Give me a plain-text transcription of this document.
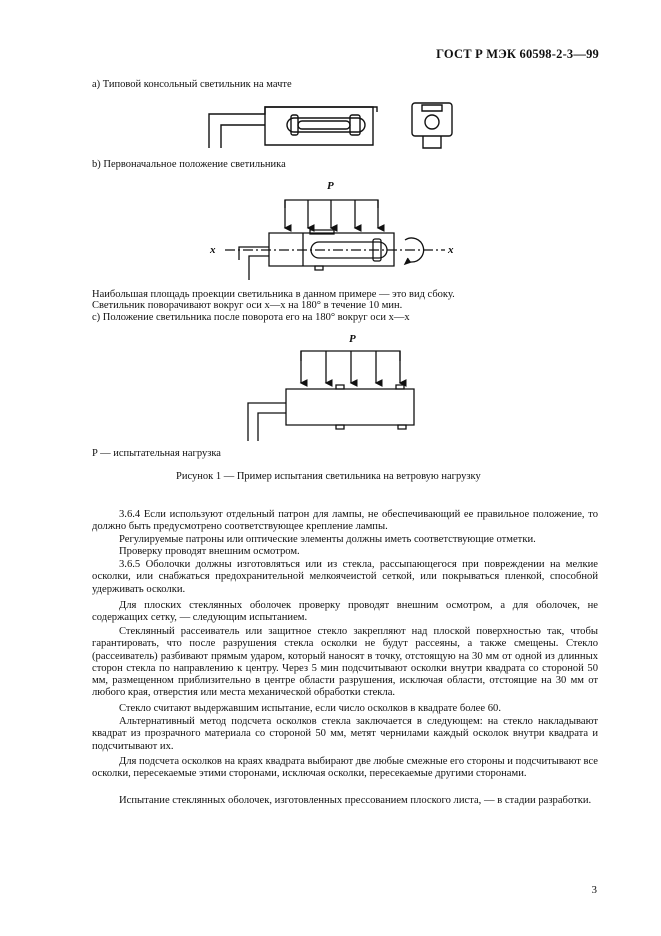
ГОСТ Р МЭК 60598-2-3—99
a) Типовой консольный светильник на мачте
b) Первоначальное положение светильника
P
x	x
Наибольшая площадь проекции светильника в данном примере — это вид сбоку.
Светильник поворачивают вокруг оси x—x на 180° в течение 10 мин.
с) Положение светильника после поворота его на 180° вокруг оси x—x
P
P — испытательная нагрузка
Рисунок 1 — Пример испытания светильника на ветровую нагрузку

3.6.4 Если используют отдельный патрон для лампы, не обеспечивающий ее правильное положение, то должно быть предусмотрено соответствующее крепление лампы.

Регулируемые патроны или оптические элементы должны иметь соответствующие отметки.

Проверку проводят внешним осмотром.

3.6.5 Оболочки должны изготовляться или из стекла, рассыпающегося при повреждении на мелкие осколки, или снабжаться предохранительной мелкоячеистой сеткой, или покрываться пленкой, способной удерживать осколки.

Для плоских стеклянных оболочек проверку проводят внешним осмотром, а для оболочек, не содержащих сетку, — следующим испытанием.

Стеклянный рассеиватель или защитное стекло закрепляют над плоской поверхностью так, чтобы гарантировать, что после разрушения стекла осколки не будут рассеяны, а также смещены. Стекло (рассеиватель) разбивают прямым ударом, который наносят в точку, отстоящую на 30 мм от одной из длинных сторон стекла по направлению к центру. Через 5 мин подсчитывают осколки внутри квадрата со стороной 50 мм, размещенном приблизительно в центре области разрушения, исключая области, отстоящие на 30 мм от любого края, отверстия или места механической обработки стекла.

Стекло считают выдержавшим испытание, если число осколков в квадрате более 60.

Альтернативный метод подсчета осколков стекла заключается в следующем: на стекло накладывают квадрат из прозрачного материала со стороной 50 мм, метят чернилами каждый осколок внутри квадрата и подсчитывают их.

Для подсчета осколков на краях квадрата выбирают две любые смежные его стороны и подсчитывают все осколки, пересекаемые этими сторонами, исключая осколки, пересекаемые другими сторонами.

Испытание стеклянных оболочек, изготовленных прессованием плоского листа, — в стадии разработки.

3
